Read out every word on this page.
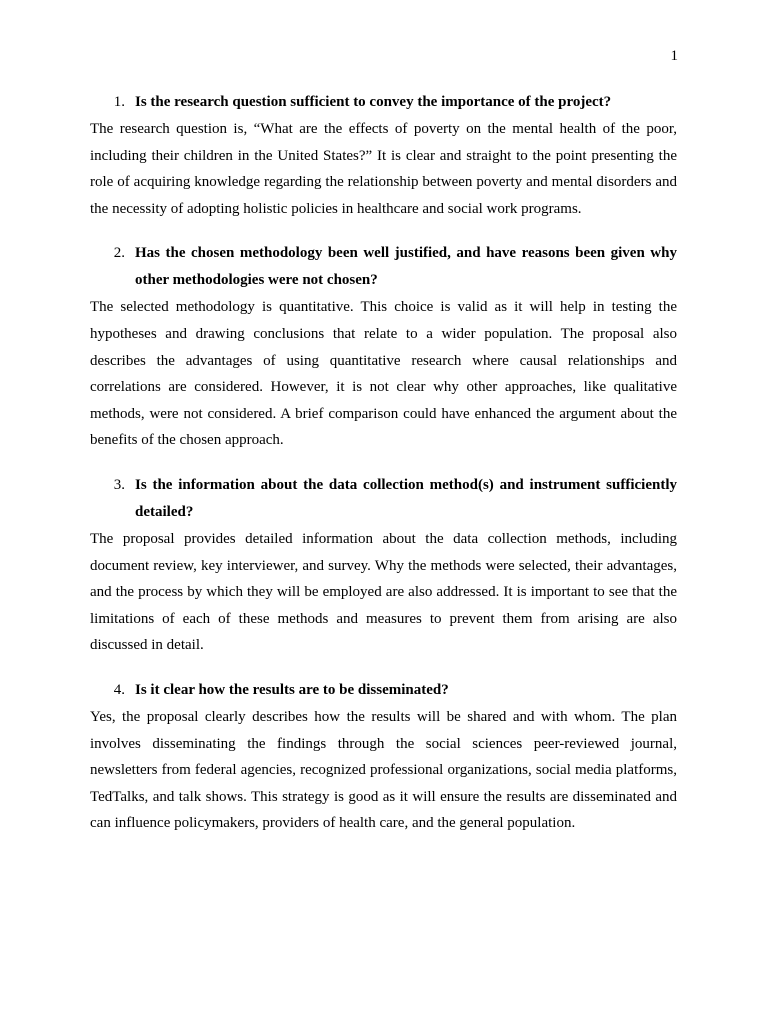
1
1. Is the research question sufficient to convey the importance of the project?

The research question is, “What are the effects of poverty on the mental health of the poor, including their children in the United States?” It is clear and straight to the point presenting the role of acquiring knowledge regarding the relationship between poverty and mental disorders and the necessity of adopting holistic policies in healthcare and social work programs.

2. Has the chosen methodology been well justified, and have reasons been given why other methodologies were not chosen?

The selected methodology is quantitative. This choice is valid as it will help in testing the hypotheses and drawing conclusions that relate to a wider population. The proposal also describes the advantages of using quantitative research where causal relationships and correlations are considered. However, it is not clear why other approaches, like qualitative methods, were not considered. A brief comparison could have enhanced the argument about the benefits of the chosen approach.

3. Is the information about the data collection method(s) and instrument sufficiently detailed?

The proposal provides detailed information about the data collection methods, including document review, key interviewer, and survey. Why the methods were selected, their advantages, and the process by which they will be employed are also addressed. It is important to see that the limitations of each of these methods and measures to prevent them from arising are also discussed in detail.

4. Is it clear how the results are to be disseminated?

Yes, the proposal clearly describes how the results will be shared and with whom. The plan involves disseminating the findings through the social sciences peer-reviewed journal, newsletters from federal agencies, recognized professional organizations, social media platforms, TedTalks, and talk shows. This strategy is good as it will ensure the results are disseminated and can influence policymakers, providers of health care, and the general population.
